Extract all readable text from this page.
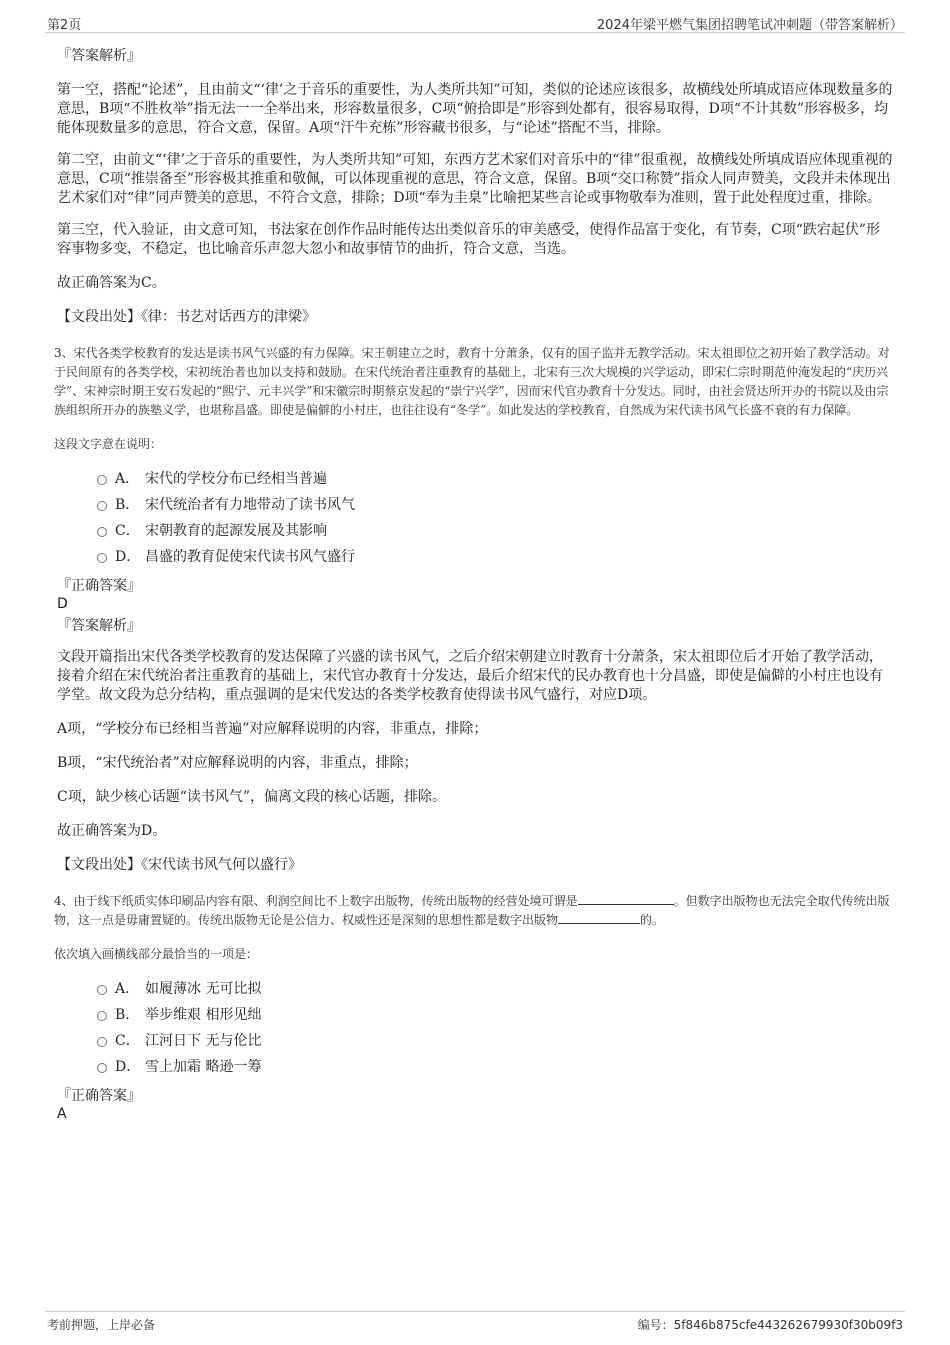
第2页	2024年梁平燃气集团招聘笔试冲刺题（带答案解析）

『答案解析』

第一空，搭配“论述”，且由前文“‘律’之于音乐的重要性，为人类所共知”可知，类似的论述应该很多，故横线处所填成语应体现数量多的意思，B项“不胜枚举”指无法一一全举出来，形容数量很多，C项“俯拾即是”形容到处都有，很容易取得，D项“不计其数”形容极多，均能体现数量多的意思，符合文意，保留。A项“汗牛充栋”形容藏书很多，与“论述”搭配不当，排除。

第二空，由前文“‘律’之于音乐的重要性，为人类所共知”可知，东西方艺术家们对音乐中的“律”很重视，故横线处所填成语应体现重视的意思，C项“推崇备至”形容极其推重和敬佩，可以体现重视的意思，符合文意，保留。B项“交口称赞”指众人同声赞美，文段并未体现出艺术家们对“律”同声赞美的意思，不符合文意，排除；D项“奉为圭臬”比喻把某些言论或事物敬奉为准则，置于此处程度过重，排除。

第三空，代入验证，由文意可知，书法家在创作作品时能传达出类似音乐的审美感受，使得作品富于变化，有节奏，C项“跌宕起伏”形容事物多变，不稳定，也比喻音乐声忽大忽小和故事情节的曲折，符合文意，当选。

故正确答案为C。

【文段出处】《律：书艺对话西方的津梁》

3、宋代各类学校教育的发达是读书风气兴盛的有力保障。宋王朝建立之时，教育十分萧条，仅有的国子监并无教学活动。宋太祖即位之初开始了教学活动。对于民间原有的各类学校，宋初统治者也加以支持和鼓励。在宋代统治者注重教育的基础上，北宋有三次大规模的兴学运动，即宋仁宗时期范仲淹发起的“庆历兴学”、宋神宗时期王安石发起的“熙宁、元丰兴学”和宋徽宗时期蔡京发起的“崇宁兴学”，因而宋代官办教育十分发达。同时，由社会贤达所开办的书院以及由宗族组织所开办的族塾义学，也堪称昌盛。即使是偏僻的小村庄，也往往设有“冬学”。如此发达的学校教育，自然成为宋代读书风气长盛不衰的有力保障。

这段文字意在说明：

A． 宋代的学校分布已经相当普遍
B． 宋代统治者有力地带动了读书风气
C． 宋朝教育的起源发展及其影响
D． 昌盛的教育促使宋代读书风气盛行

『正确答案』

D

『答案解析』

文段开篇指出宋代各类学校教育的发达保障了兴盛的读书风气，之后介绍宋朝建立时教育十分萧条，宋太祖即位后才开始了教学活动，接着介绍在宋代统治者注重教育的基础上，宋代官办教育十分发达，最后介绍宋代的民办教育也十分昌盛，即使是偏僻的小村庄也设有学堂。故文段为总分结构，重点强调的是宋代发达的各类学校教育使得读书风气盛行，对应D项。

A项，“学校分布已经相当普遍”对应解释说明的内容，非重点，排除；

B项，“宋代统治者”对应解释说明的内容，非重点，排除；

C项，缺少核心话题“读书风气”，偏离文段的核心话题，排除。

故正确答案为D。

【文段出处】《宋代读书风气何以盛行》

4、由于线下纸质实体印刷品内容有限、利润空间比不上数字出版物，传统出版物的经营处境可谓是	。但数字出版物也无法完全取代传统出版物，这一点是毋庸置疑的。传统出版物无论是公信力、权威性还是深刻的思想性都是数字出版物	的。

依次填入画横线部分最恰当的一项是：

A． 如履薄冰 无可比拟
B． 举步维艰 相形见绌
C． 江河日下 无与伦比
D． 雪上加霜 略逊一筹

『正确答案』

A

考前押题，上岸必备	编号：5f846b875cfe443262679930f30b09f3
